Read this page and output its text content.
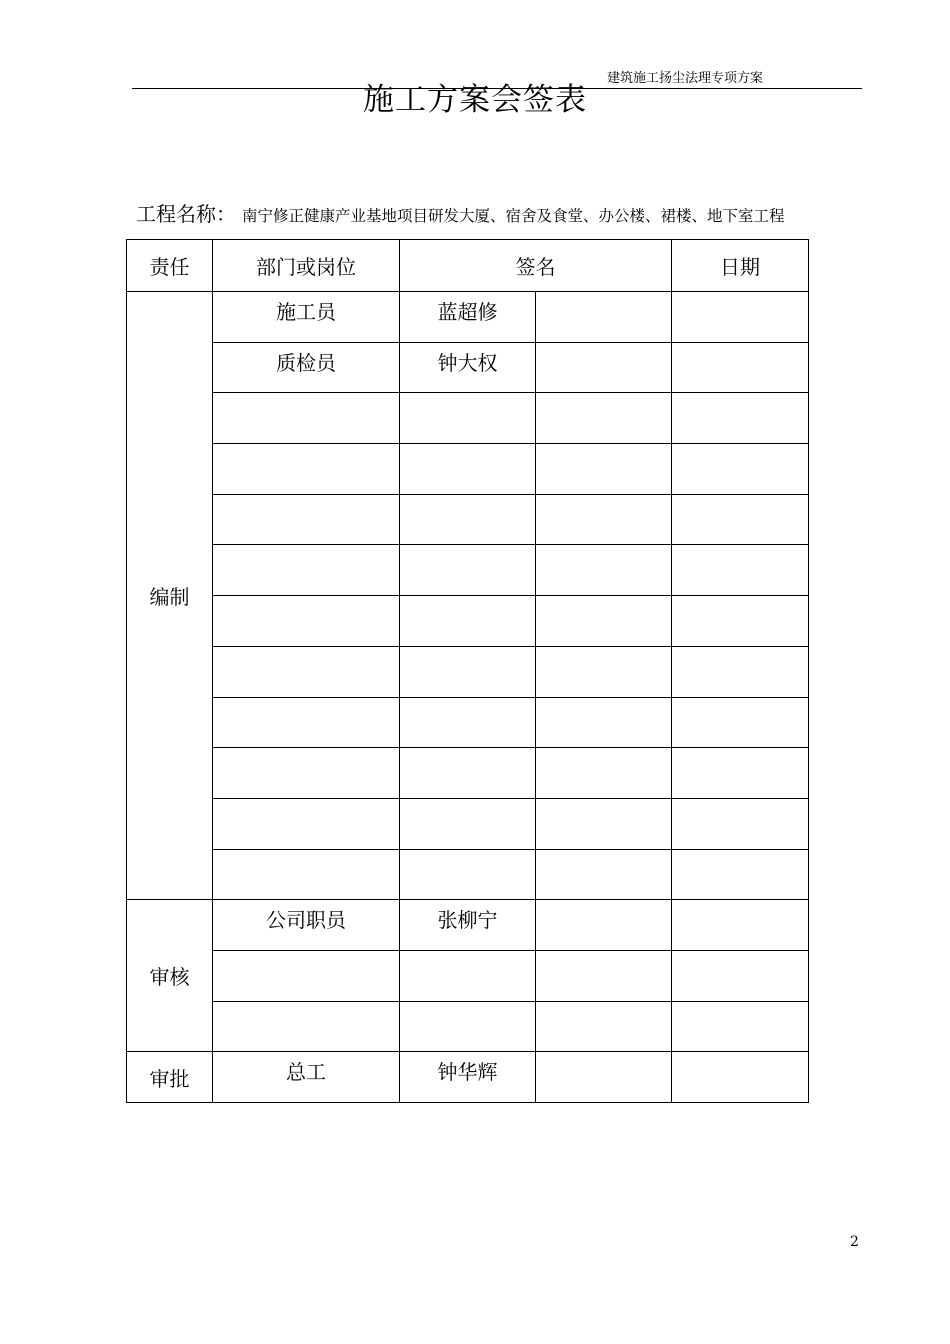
建筑施工扬尘法理专项方案
施工方案会签表
工程名称： 南宁修正健康产业基地项目研发大厦、宿舍及食堂、办公楼、裙楼、地下室工程
责任	部门或岗位	签名		日期
编制	施工员	蓝超修		

	质检员	钟大权		

审核	公司职员	张柳宁		

审批	总工	钟华辉		

2
